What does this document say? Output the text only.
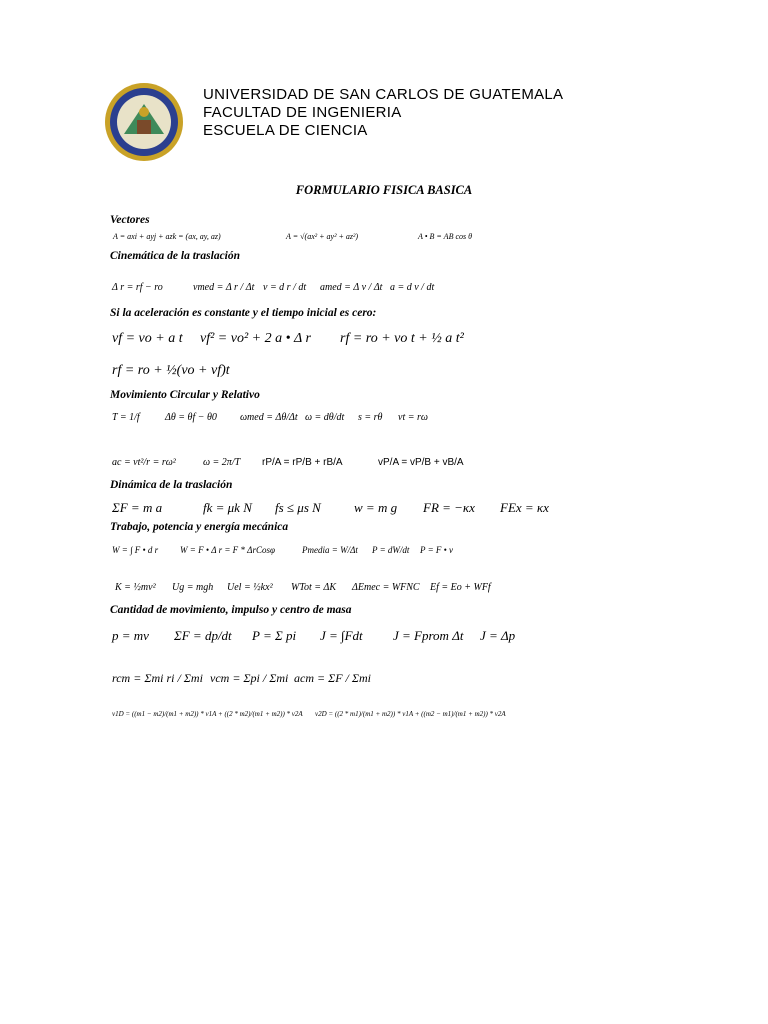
UNIVERSIDAD DE SAN CARLOS DE GUATEMALA
FACULTAD DE INGENIERIA
ESCUELA DE CIENCIA
FORMULARIO FISICA BASICA
Vectores
A = axi + ayj + azk = (ax, ay, az)	A = √(ax² + ay² + az²)	A • B = AB cos θ
Cinemática de la traslación
Δ r = rf − ro	vmed = Δ r / Δt v = d r / dt amed = Δ v / Δt a = d v / dt
Si la aceleración es constante y el tiempo inicial es cero:
vf = vo + a t vf² = vo² + 2 a • Δ r rf = ro + vo t + ½ a t²
rf = ro + ½(vo + vf)t
Movimiento Circular y Relativo
T = 1/f	Δθ = θf − θ0 ωmed = Δθ/Δt ω = dθ/dt s = rθ vt = rω
ac = vt²/r = rω²	ω = 2π/T rP/A = rP/B + rB/A	vP/A = vP/B + vB/A
Dinámica de la traslación
ΣF = m a	fk = μk N fs ≤ μs N	w = m g FR = −κx FEx = κx
Trabajo, potencia y energía mecánica
W = ∫ F • d r W = F • Δ r = F * ΔrCosφ	Pmedia = W/Δt P = dW/dt P = F • v
K = ½mv² Ug = mgh Uel = ½kx² WTot = ΔK ΔEmec = WFNC Ef = Eo + WFf
Cantidad de movimiento, impulso y centro de masa
p = mv ΣF = dp/dt P = Σ pi J = ∫Fdt J = Fprom Δt J = Δp
rcm = Σmi ri / Σmi vcm = Σpi / Σmi acm = ΣF / Σmi
v1D = ((m1 − m2)/(m1 + m2)) * v1A + ((2 * m2)/(m1 + m2)) * v2A v2D = ((2 * m1)/(m1 + m2)) * v1A + ((m2 − m1)/(m1 + m2)) * v2A
